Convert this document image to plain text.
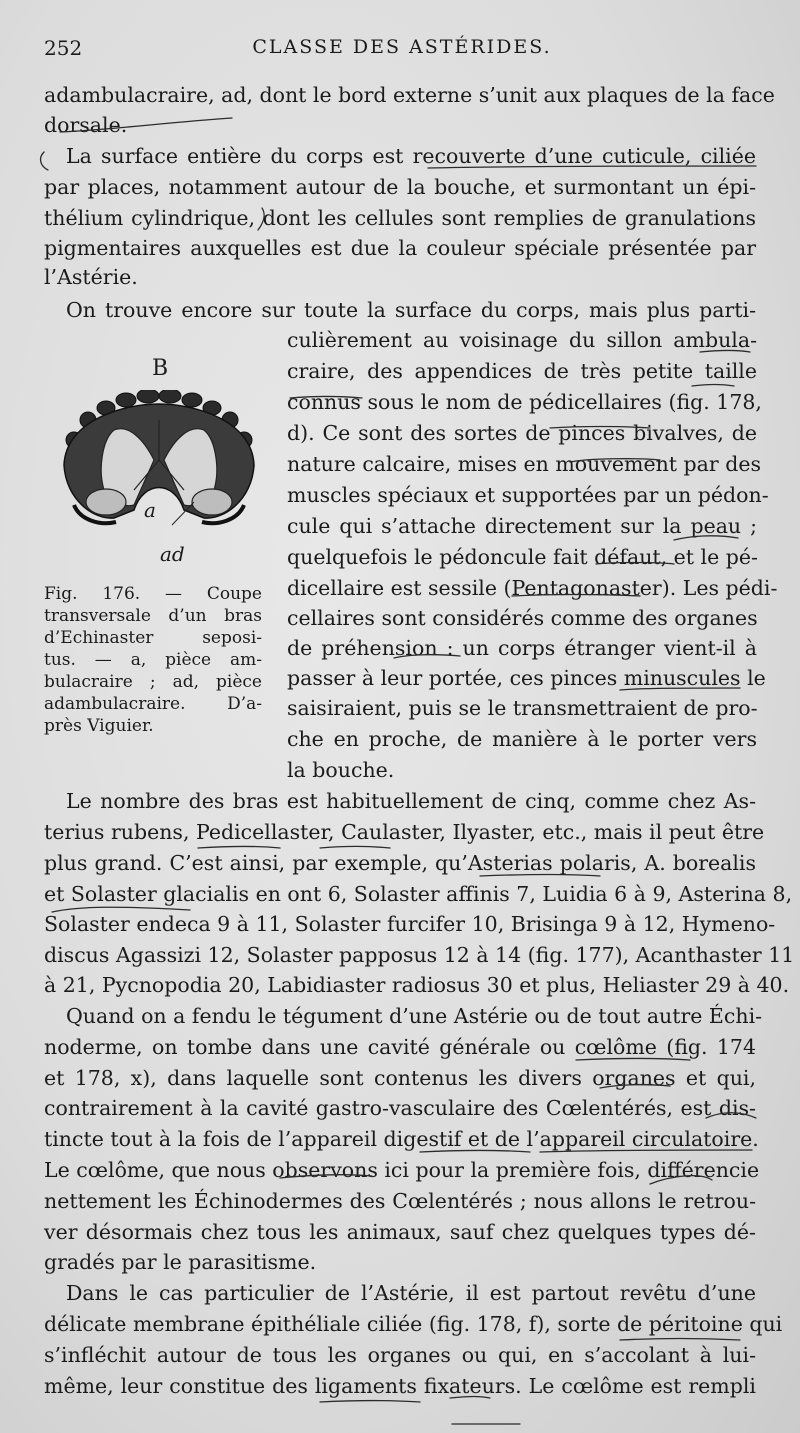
252	CLASSE DES ASTÉRIDES.
adambulacraire, ad, dont le bord externe s’unit aux plaques de la face
dorsale.
La surface entière du corps est recouverte d’une cuticule, ciliée
par places, notamment autour de la bouche, et surmontant un épi-
thélium cylindrique, dont les cellules sont remplies de granulations
pigmentaires auxquelles est due la couleur spéciale présentée par
l’Astérie.
On trouve encore sur toute la surface du corps, mais plus parti-
culièrement au voisinage du sillon ambula-
craire, des appendices de très petite taille
connus sous le nom de pédicellaires (fig. 178,
d). Ce sont des sortes de pinces bivalves, de
nature calcaire, mises en mouvement par des
muscles spéciaux et supportées par un pédon-
cule qui s’attache directement sur la peau ;
quelquefois le pédoncule fait défaut, et le pé-
dicellaire est sessile (Pentagonaster). Les pédi-
cellaires sont considérés comme des organes
de préhension : un corps étranger vient-il à
passer à leur portée, ces pinces minuscules le
saisiraient, puis se le transmettraient de pro-
che en proche, de manière à le porter vers
la bouche.
B
a
ad
Fig. 176. — Coupe
transversale d’un bras
d’Echinaster seposi-
tus. — a, pièce am-
bulacraire ; ad, pièce
adambulacraire. D’a-
près Viguier.
Le nombre des bras est habituellement de cinq, comme chez As-
terius rubens, Pedicellaster, Caulaster, Ilyaster, etc., mais il peut être
plus grand. C’est ainsi, par exemple, qu’Asterias polaris, A. borealis
et Solaster glacialis en ont 6, Solaster affinis 7, Luidia 6 à 9, Asterina 8,
Solaster endeca 9 à 11, Solaster furcifer 10, Brisinga 9 à 12, Hymeno-
discus Agassizi 12, Solaster papposus 12 à 14 (fig. 177), Acanthaster 11
à 21, Pycnopodia 20, Labidiaster radiosus 30 et plus, Heliaster 29 à 40.
Quand on a fendu le tégument d’une Astérie ou de tout autre Échi-
noderme, on tombe dans une cavité générale ou cœlôme (fig. 174
et 178, x), dans laquelle sont contenus les divers organes et qui,
contrairement à la cavité gastro-vasculaire des Cœlentérés, est dis-
tincte tout à la fois de l’appareil digestif et de l’appareil circulatoire.
Le cœlôme, que nous observons ici pour la première fois, différencie
nettement les Échinodermes des Cœlentérés ; nous allons le retrou-
ver désormais chez tous les animaux, sauf chez quelques types dé-
gradés par le parasitisme.
Dans le cas particulier de l’Astérie, il est partout revêtu d’une
délicate membrane épithéliale ciliée (fig. 178, f), sorte de péritoine qui
s’infléchit autour de tous les organes ou qui, en s’accolant à lui-
même, leur constitue des ligaments fixateurs. Le cœlôme est rempli
